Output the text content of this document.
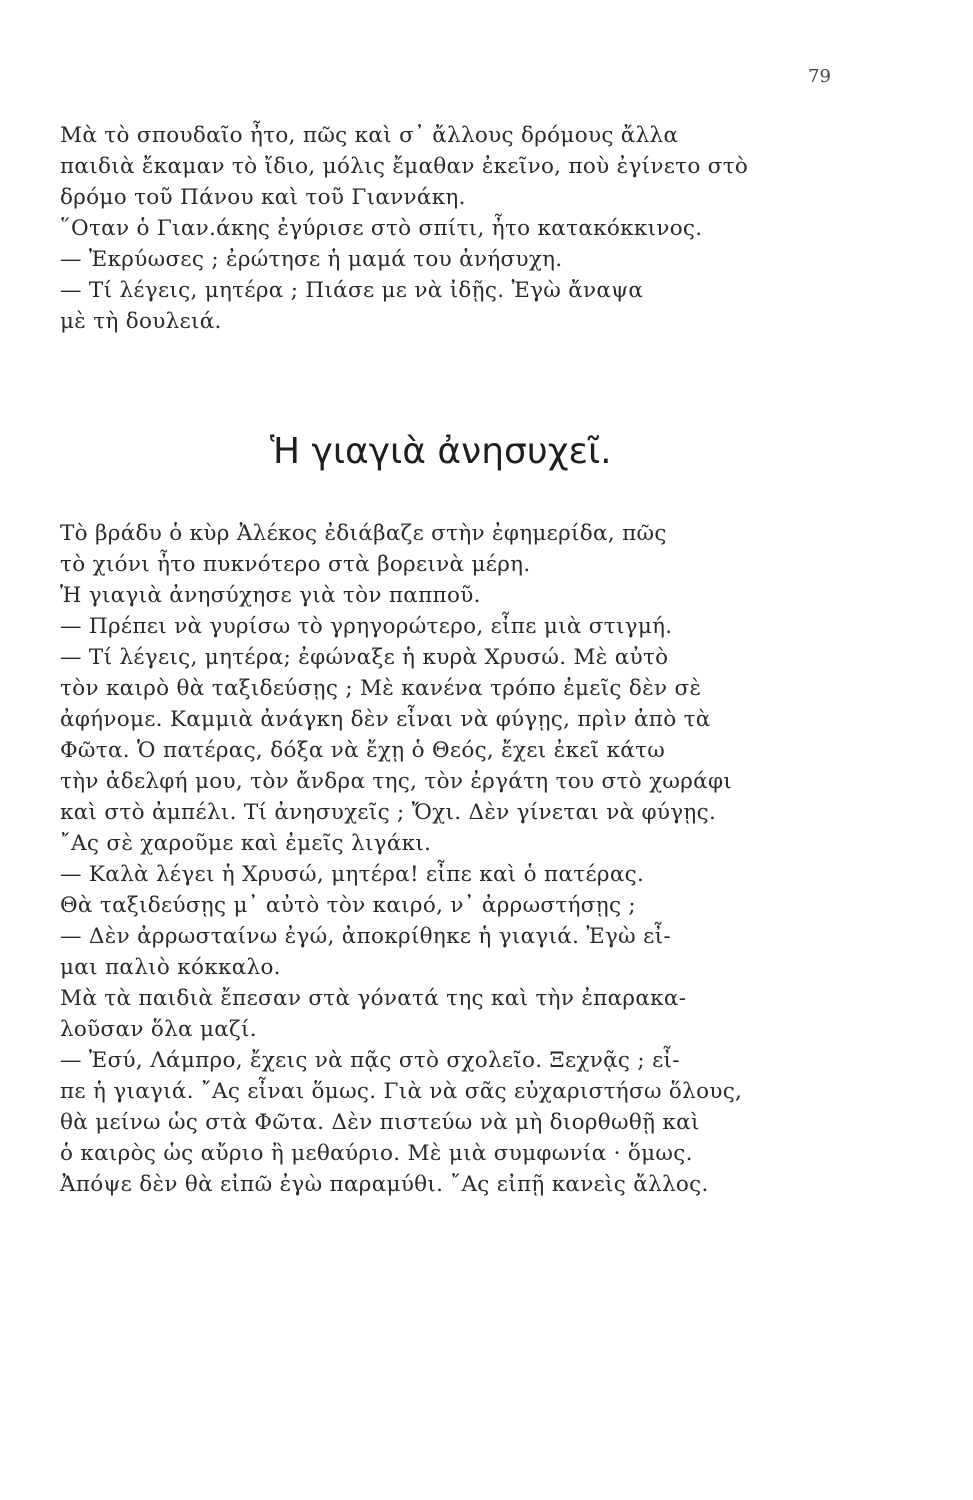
79
Μὰ τὸ σπουδαῖο ἦτο, πῶς καὶ σ᾽ ἄλλους δρόμους ἄλλα
παιδιὰ ἔκαμαν τὸ ἴδιο, μόλις ἔμαθαν ἐκεῖνο, ποὺ ἐγίνετο στὸ
δρόμο τοῦ Πάνου καὶ τοῦ Γιαννάκη.
῞Οταν ὁ Γιαν.άκης ἐγύρισε στὸ σπίτι, ἦτο κατακόκκινος.
— Ἐκρύωσες ; ἐρώτησε ἡ μαμά του ἀνήσυχη.
— Τί λέγεις, μητέρα ; Πιάσε με νὰ ἰδῇς. Ἐγὼ ἄναψα
μὲ τὴ δουλειά.
Ἡ γιαγιὰ ἀνησυχεῖ.
Τὸ βράδυ ὁ κὺρ Ἀλέκος ἐδιάβαζε στὴν ἐφημερίδα, πῶς
τὸ χιόνι ἦτο πυκνότερο στὰ βορεινὰ μέρη.
Ἡ γιαγιὰ ἀνησύχησε γιὰ τὸν παπποῦ.
— Πρέπει νὰ γυρίσω τὸ γρηγορώτερο, εἶπε μιὰ στιγμή.
— Τί λέγεις, μητέρα; ἐφώναξε ἡ κυρὰ Χρυσώ. Μὲ αὐτὸ
τὸν καιρὸ θὰ ταξιδεύσῃς ; Μὲ κανένα τρόπο ἐμεῖς δὲν σὲ
ἀφήνομε. Καμμιὰ ἀνάγκη δὲν εἶναι νὰ φύγῃς, πρὶν ἀπὸ τὰ
Φῶτα. Ὁ πατέρας, δόξα νὰ ἔχῃ ὁ Θεός, ἔχει ἐκεῖ κάτω
τὴν ἀδελφή μου, τὸν ἄνδρα της, τὸν ἐργάτη του στὸ χωράφι
καὶ στὸ ἀμπέλι. Τί ἀνησυχεῖς ; Ὄχι. Δὲν γίνεται νὰ φύγῃς.
῎Ας σὲ χαροῦμε καὶ ἐμεῖς λιγάκι.
— Καλὰ λέγει ἡ Χρυσώ, μητέρα! εἶπε καὶ ὁ πατέρας.
Θὰ ταξιδεύσῃς μ᾽ αὐτὸ τὸν καιρό, ν᾽ ἀρρωστήσῃς ;
— Δὲν ἀρρωσταίνω ἐγώ, ἀποκρίθηκε ἡ γιαγιά. Ἐγὼ εἶ-
μαι παλιὸ κόκκαλο.
Μὰ τὰ παιδιὰ ἔπεσαν στὰ γόνατά της καὶ τὴν ἐπαρακα-
λοῦσαν ὅλα μαζί.
— Ἐσύ, Λάμπρο, ἔχεις νὰ πᾷς στὸ σχολεῖο. Ξεχνᾷς ; εἶ-
πε ἡ γιαγιά. ῎Ας εἶναι ὅμως. Γιὰ νὰ σᾶς εὐχαριστήσω ὅλους,
θὰ μείνω ὡς στὰ Φῶτα. Δὲν πιστεύω νὰ μὴ διορθωθῇ καὶ
ὁ καιρὸς ὡς αὔριο ἢ μεθαύριο. Μὲ μιὰ συμφωνία · ὅμως.
Ἀπόψε δὲν θὰ εἰπῶ ἐγὼ παραμύθι. ῎Ας εἰπῇ κανεὶς ἄλλος.
